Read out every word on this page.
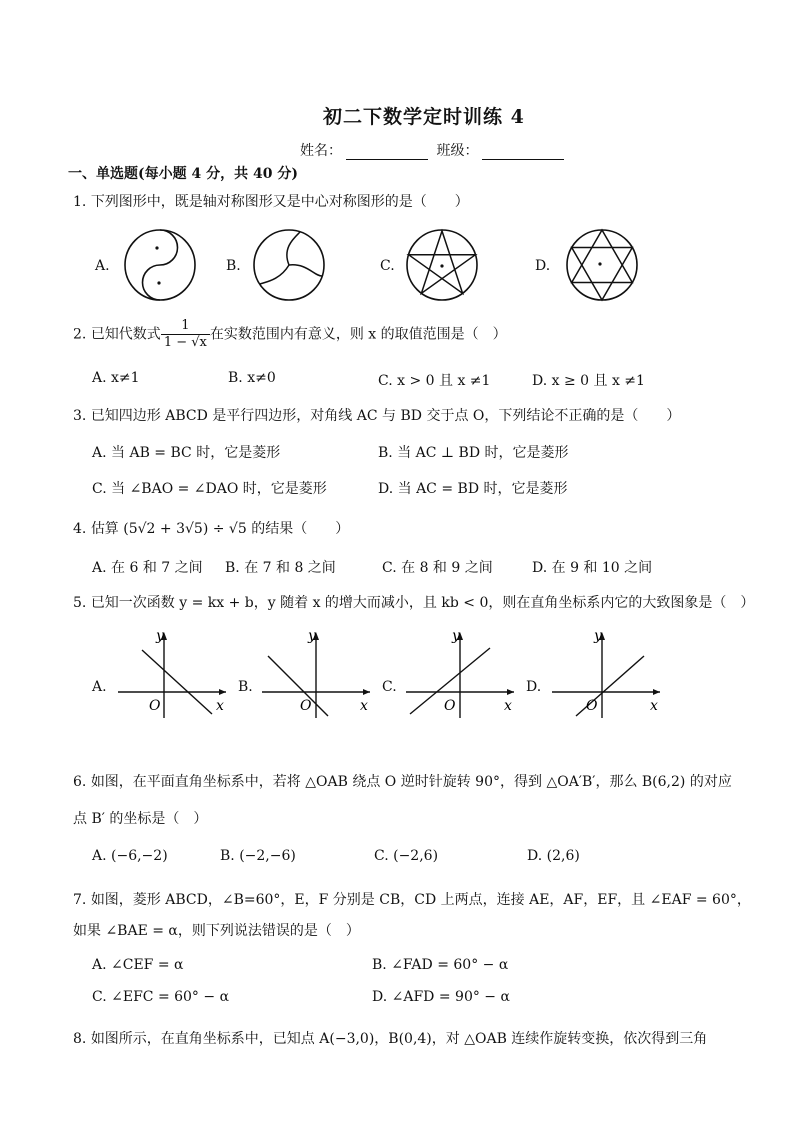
初二下数学定时训练 4
姓名：	班级：
一、单选题(每小题 4 分，共 40 分)
1. 下列图形中，既是轴对称图形又是中心对称图形的是（　　）
A.	B.	C.	D.
2. 已知代数式 $\frac{1}{1 - √x}$ 在实数范围内有意义，则 x 的取值范围是（　）
A. x≠1	B. x≠0	C. x > 0 且 x ≠1	D. x ≥ 0 且 x ≠1
3. 已知四边形 ABCD 是平行四边形，对角线 AC 与 BD 交于点 O，下列结论不正确的是（　　）
A. 当 AB = BC 时，它是菱形	B. 当 AC ⊥ BD 时，它是菱形
C. 当 ∠BAO = ∠DAO 时，它是菱形	D. 当 AC = BD 时，它是菱形
4. 估算 (5√2 + 3√5) ÷ √5 的结果（　　）
A. 在 6 和 7 之间 B. 在 7 和 8 之间	C. 在 8 和 9 之间	D. 在 9 和 10 之间
5. 已知一次函数 y = kx + b，y 随着 x 的增大而减小，且 kb < 0，则在直角坐标系内它的大致图象是（　）
A.	B.	C.	D.
y
x
O
y
x
O
y
x
O
y
x
O
6. 如图，在平面直角坐标系中，若将 △OAB 绕点 O 逆时针旋转 90°，得到 △OA′B′，那么 B(6,2) 的对应
点 B′ 的坐标是（　）
A. (−6,−2)	B. (−2,−6)	C. (−2,6)	D. (2,6)
7. 如图，菱形 ABCD，∠B=60°，E，F 分别是 CB，CD 上两点，连接 AE，AF，EF，且 ∠EAF = 60°，
如果 ∠BAE = α，则下列说法错误的是（　）
A. ∠CEF = α	B. ∠FAD = 60° − α
C. ∠EFC = 60° − α	D. ∠AFD = 90° − α
8. 如图所示，在直角坐标系中，已知点 A(−3,0)，B(0,4)，对 △OAB 连续作旋转变换，依次得到三角
